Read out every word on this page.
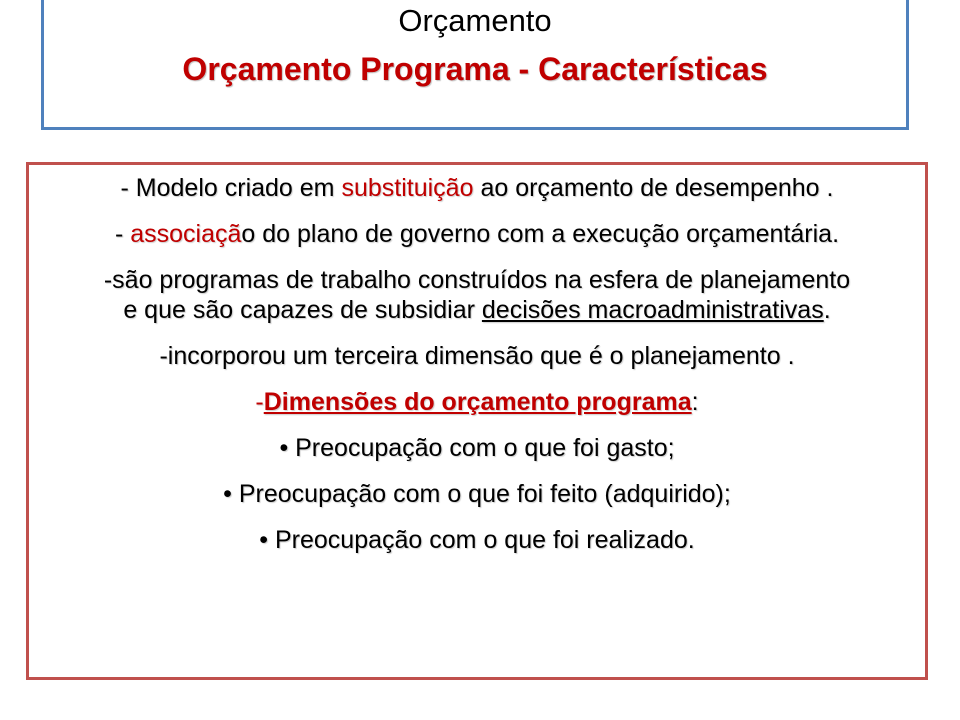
Orçamento
Orçamento Programa - Características

- Modelo criado em substituição ao orçamento de desempenho .

- associação do plano de governo com a execução orçamentária.

-são programas de trabalho construídos na esfera de planejamento
e que são capazes de subsidiar decisões macroadministrativas.

-incorporou um terceira dimensão que é o planejamento .

-Dimensões do orçamento programa:

• Preocupação com o que foi gasto;

• Preocupação com o que foi feito (adquirido);

• Preocupação com o que foi realizado.
